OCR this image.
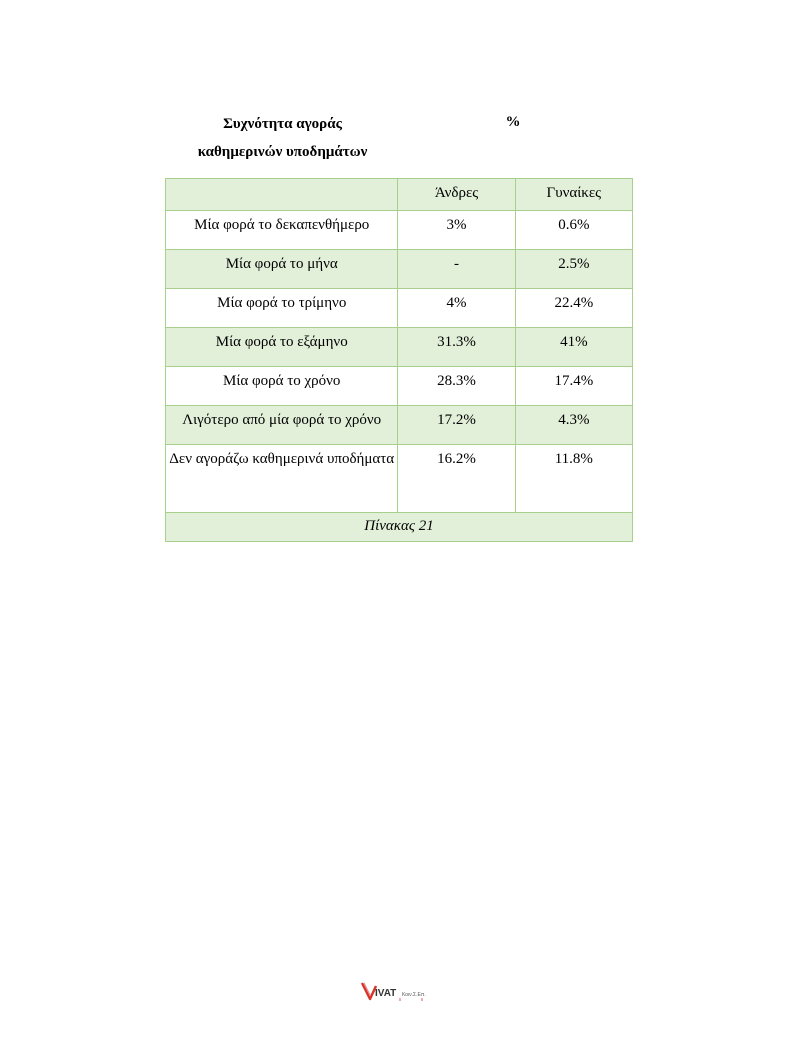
Συχνότητα αγοράς
καθημερινών υποδημάτων
%
	Άνδρες	Γυναίκες
Μία φορά το δεκαπενθήμερο	3%	0.6%
Μία φορά το μήνα	-	2.5%
Μία φορά το τρίμηνο	4%	22.4%
Μία φορά το εξάμηνο	31.3%	41%
Μία φορά το χρόνο	28.3%	17.4%
Λιγότερο από μία φορά το χρόνο	17.2%	4.3%
Δεν αγοράζω καθημερινά υποδήματα	16.2%	11.8%
Πίνακας 21		
IVAT Κοιν.Σ.Επ.
